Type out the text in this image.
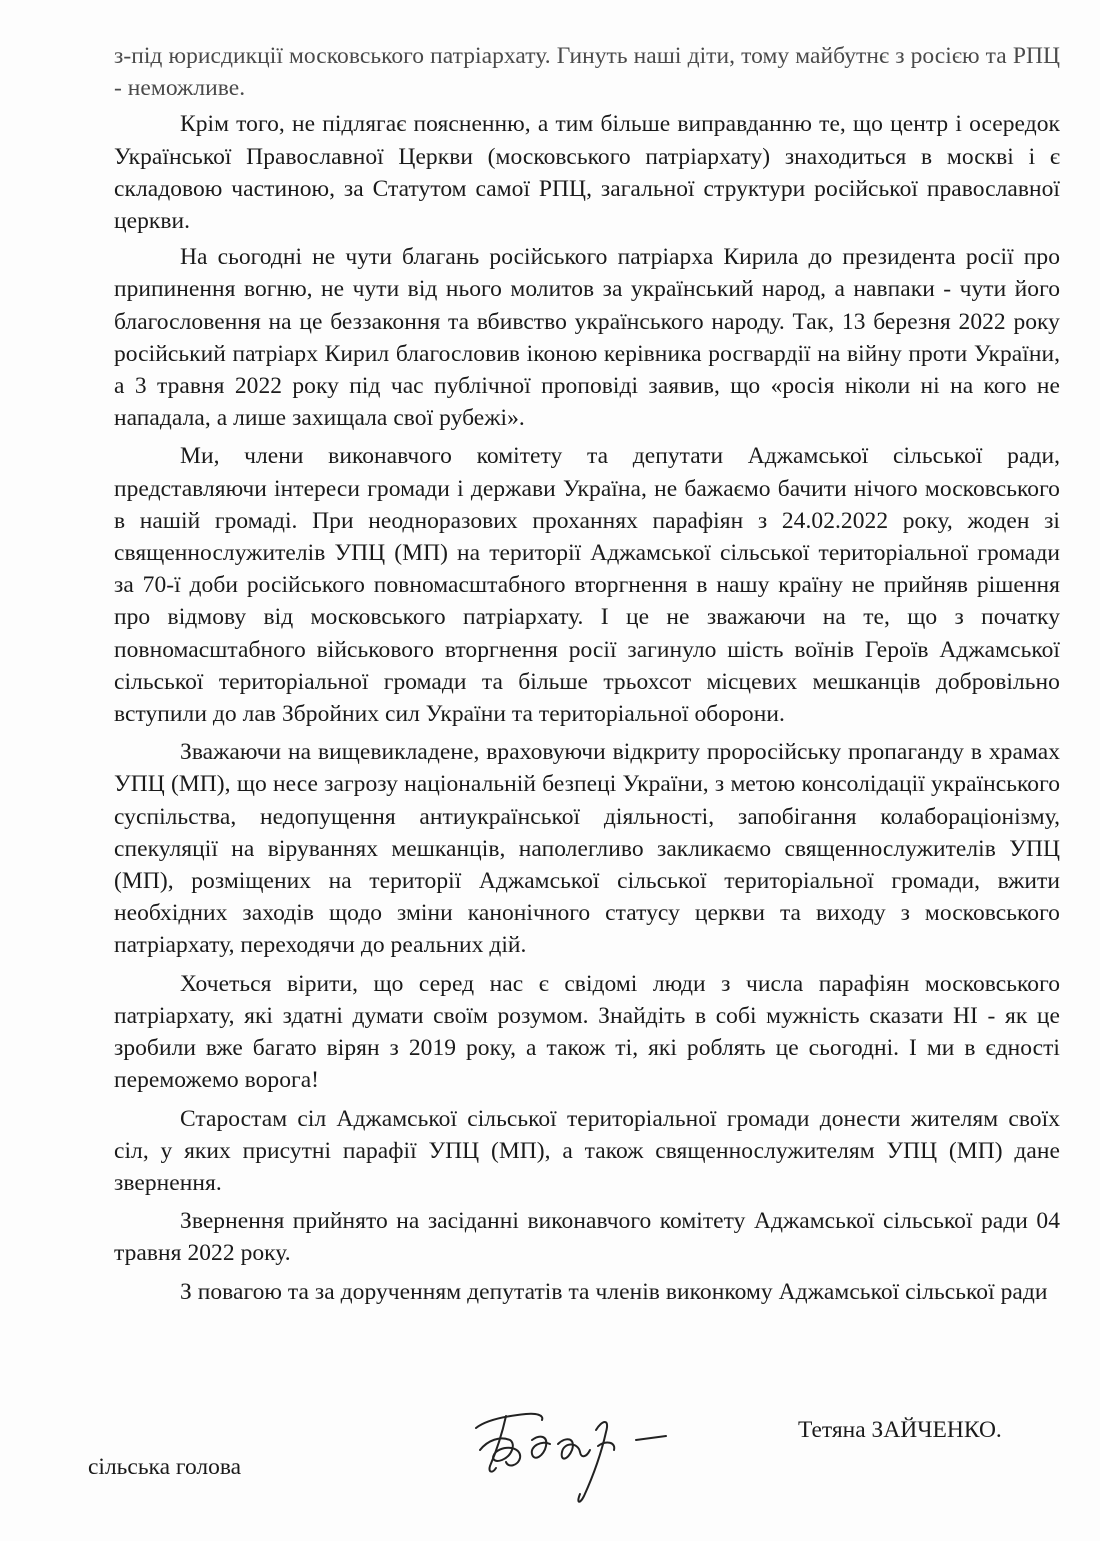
з-під юрисдикції московського патріархату. Гинуть наші діти, тому майбутнє з росією та РПЦ - неможливе.

Крім того, не підлягає поясненню, а тим більше виправданню те, що центр і осередок Української Православної Церкви (московського патріархату) знаходиться в москві і є складовою частиною, за Статутом самої РПЦ, загальної структури російської православної церкви.

На сьогодні не чути благань російського патріарха Кирила до президента росії про припинення вогню, не чути від нього молитов за український народ, а навпаки - чути його благословення на це беззаконня та вбивство українського народу. Так, 13 березня 2022 року російський патріарх Кирил благословив іконою керівника росгвардії на війну проти України, а 3 травня 2022 року під час публічної проповіді заявив, що «росія ніколи ні на кого не нападала, а лише захищала свої рубежі».

Ми, члени виконавчого комітету та депутати Аджамської сільської ради, представляючи інтереси громади і держави Україна, не бажаємо бачити нічого московського в нашій громаді. При неодноразових проханнях парафіян з 24.02.2022 року, жоден зі священнослужителів УПЦ (МП) на території Аджамської сільської територіальної громади за 70-ї доби російського повномасштабного вторгнення в нашу країну не прийняв рішення про відмову від московського патріархату. І це не зважаючи на те, що з початку повномасштабного військового вторгнення росії загинуло шість воїнів Героїв Аджамської сільської територіальної громади та більше трьохсот місцевих мешканців добровільно вступили до лав Збройних сил України та територіальної оборони.

Зважаючи на вищевикладене, враховуючи відкриту проросійську пропаганду в храмах УПЦ (МП), що несе загрозу національній безпеці України, з метою консолідації українського суспільства, недопущення антиукраїнської діяльності, запобігання колабораціонізму, спекуляції на віруваннях мешканців, наполегливо закликаємо священнослужителів УПЦ (МП), розміщених на території Аджамської сільської територіальної громади, вжити необхідних заходів щодо зміни канонічного статусу церкви та виходу з московського патріархату, переходячи до реальних дій.

Хочеться вірити, що серед нас є свідомі люди з числа парафіян московського патріархату, які здатні думати своїм розумом. Знайдіть в собі мужність сказати НІ - як це зробили вже багато вірян з 2019 року, а також ті, які роблять це сьогодні. І ми в єдності переможемо ворога!

Старостам сіл Аджамської сільської територіальної громади донести жителям своїх сіл, у яких присутні парафії УПЦ (МП), а також священнослужителям УПЦ (МП) дане звернення.

Звернення прийнято на засіданні виконавчого комітету Аджамської сільської ради 04 травня 2022 року.

З повагою та за дорученням депутатів та членів виконкому Аджамської сільської ради

сільська голова
Тетяна ЗАЙЧЕНКО.
